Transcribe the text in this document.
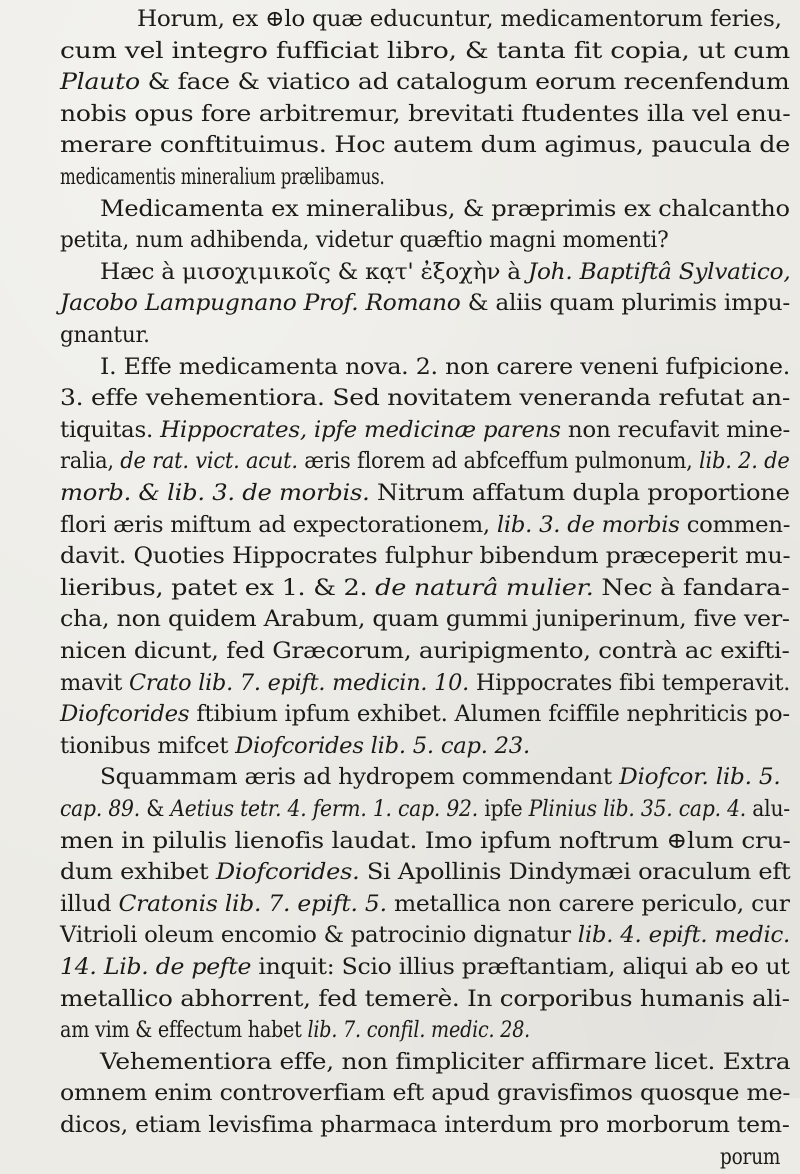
Horum, ex ⊕lo quæ educuntur, medicamentorum feries,
cum vel integro fufficiat libro, & tanta fit copia, ut cum
Plauto & face & viatico ad catalogum eorum recenfendum
nobis opus fore arbitremur, brevitati ftudentes illa vel enu-
merare conftituimus. Hoc autem dum agimus, paucula de
medicamentis mineralium prælibamus.
Medicamenta ex mineralibus, & præprimis ex chalcantho
petita, num adhibenda, videtur quæftio magni momenti?
Hæc à μισοχιμικοῖς & κα̣τ' ἐξοχὴν à Joh. Baptiftâ Sylvatico,
Jacobo Lampugnano Prof. Romano & aliis quam plurimis impu-
gnantur.
I. Effe medicamenta nova. 2. non carere veneni fufpicione.
3. effe vehementiora. Sed novitatem veneranda refutat an-
tiquitas. Hippocrates, ipfe medicinæ parens non recufavit mine-
ralia, de rat. vict. acut. æris florem ad abfceffum pulmonum, lib. 2. de
morb. & lib. 3. de morbis. Nitrum affatum dupla proportione
flori æris miftum ad expectorationem, lib. 3. de morbis commen-
davit. Quoties Hippocrates fulphur bibendum præceperit mu-
lieribus, patet ex 1. & 2. de naturâ mulier. Nec à fandara-
cha, non quidem Arabum, quam gummi juniperinum, five ver-
nicen dicunt, fed Græcorum, auripigmento, contrà ac exifti-
mavit Crato lib. 7. epift. medicin. 10. Hippocrates fibi temperavit.
Diofcorides ftibium ipfum exhibet. Alumen fciffile nephriticis po-
tionibus mifcet Diofcorides lib. 5. cap. 23.
Squammam æris ad hydropem commendant Diofcor. lib. 5.
cap. 89. & Aetius tetr. 4. ferm. 1. cap. 92. ipfe Plinius lib. 35. cap. 4. alu-
men in pilulis lienofis laudat. Imo ipfum noftrum ⊕lum cru-
dum exhibet Diofcorides. Si Apollinis Dindymæi oraculum eft
illud Cratonis lib. 7. epift. 5. metallica non carere periculo, cur
Vitrioli oleum encomio & patrocinio dignatur lib. 4. epift. medic.
14. Lib. de pefte inquit: Scio illius præftantiam, aliqui ab eo ut
metallico abhorrent, fed temerè. In corporibus humanis ali-
am vim & effectum habet lib. 7. confil. medic. 28.
Vehementiora effe, non fimpliciter affirmare licet. Extra
omnem enim controverfiam eft apud gravisfimos quosque me-
dicos, etiam levisfima pharmaca interdum pro morborum tem-
porum
